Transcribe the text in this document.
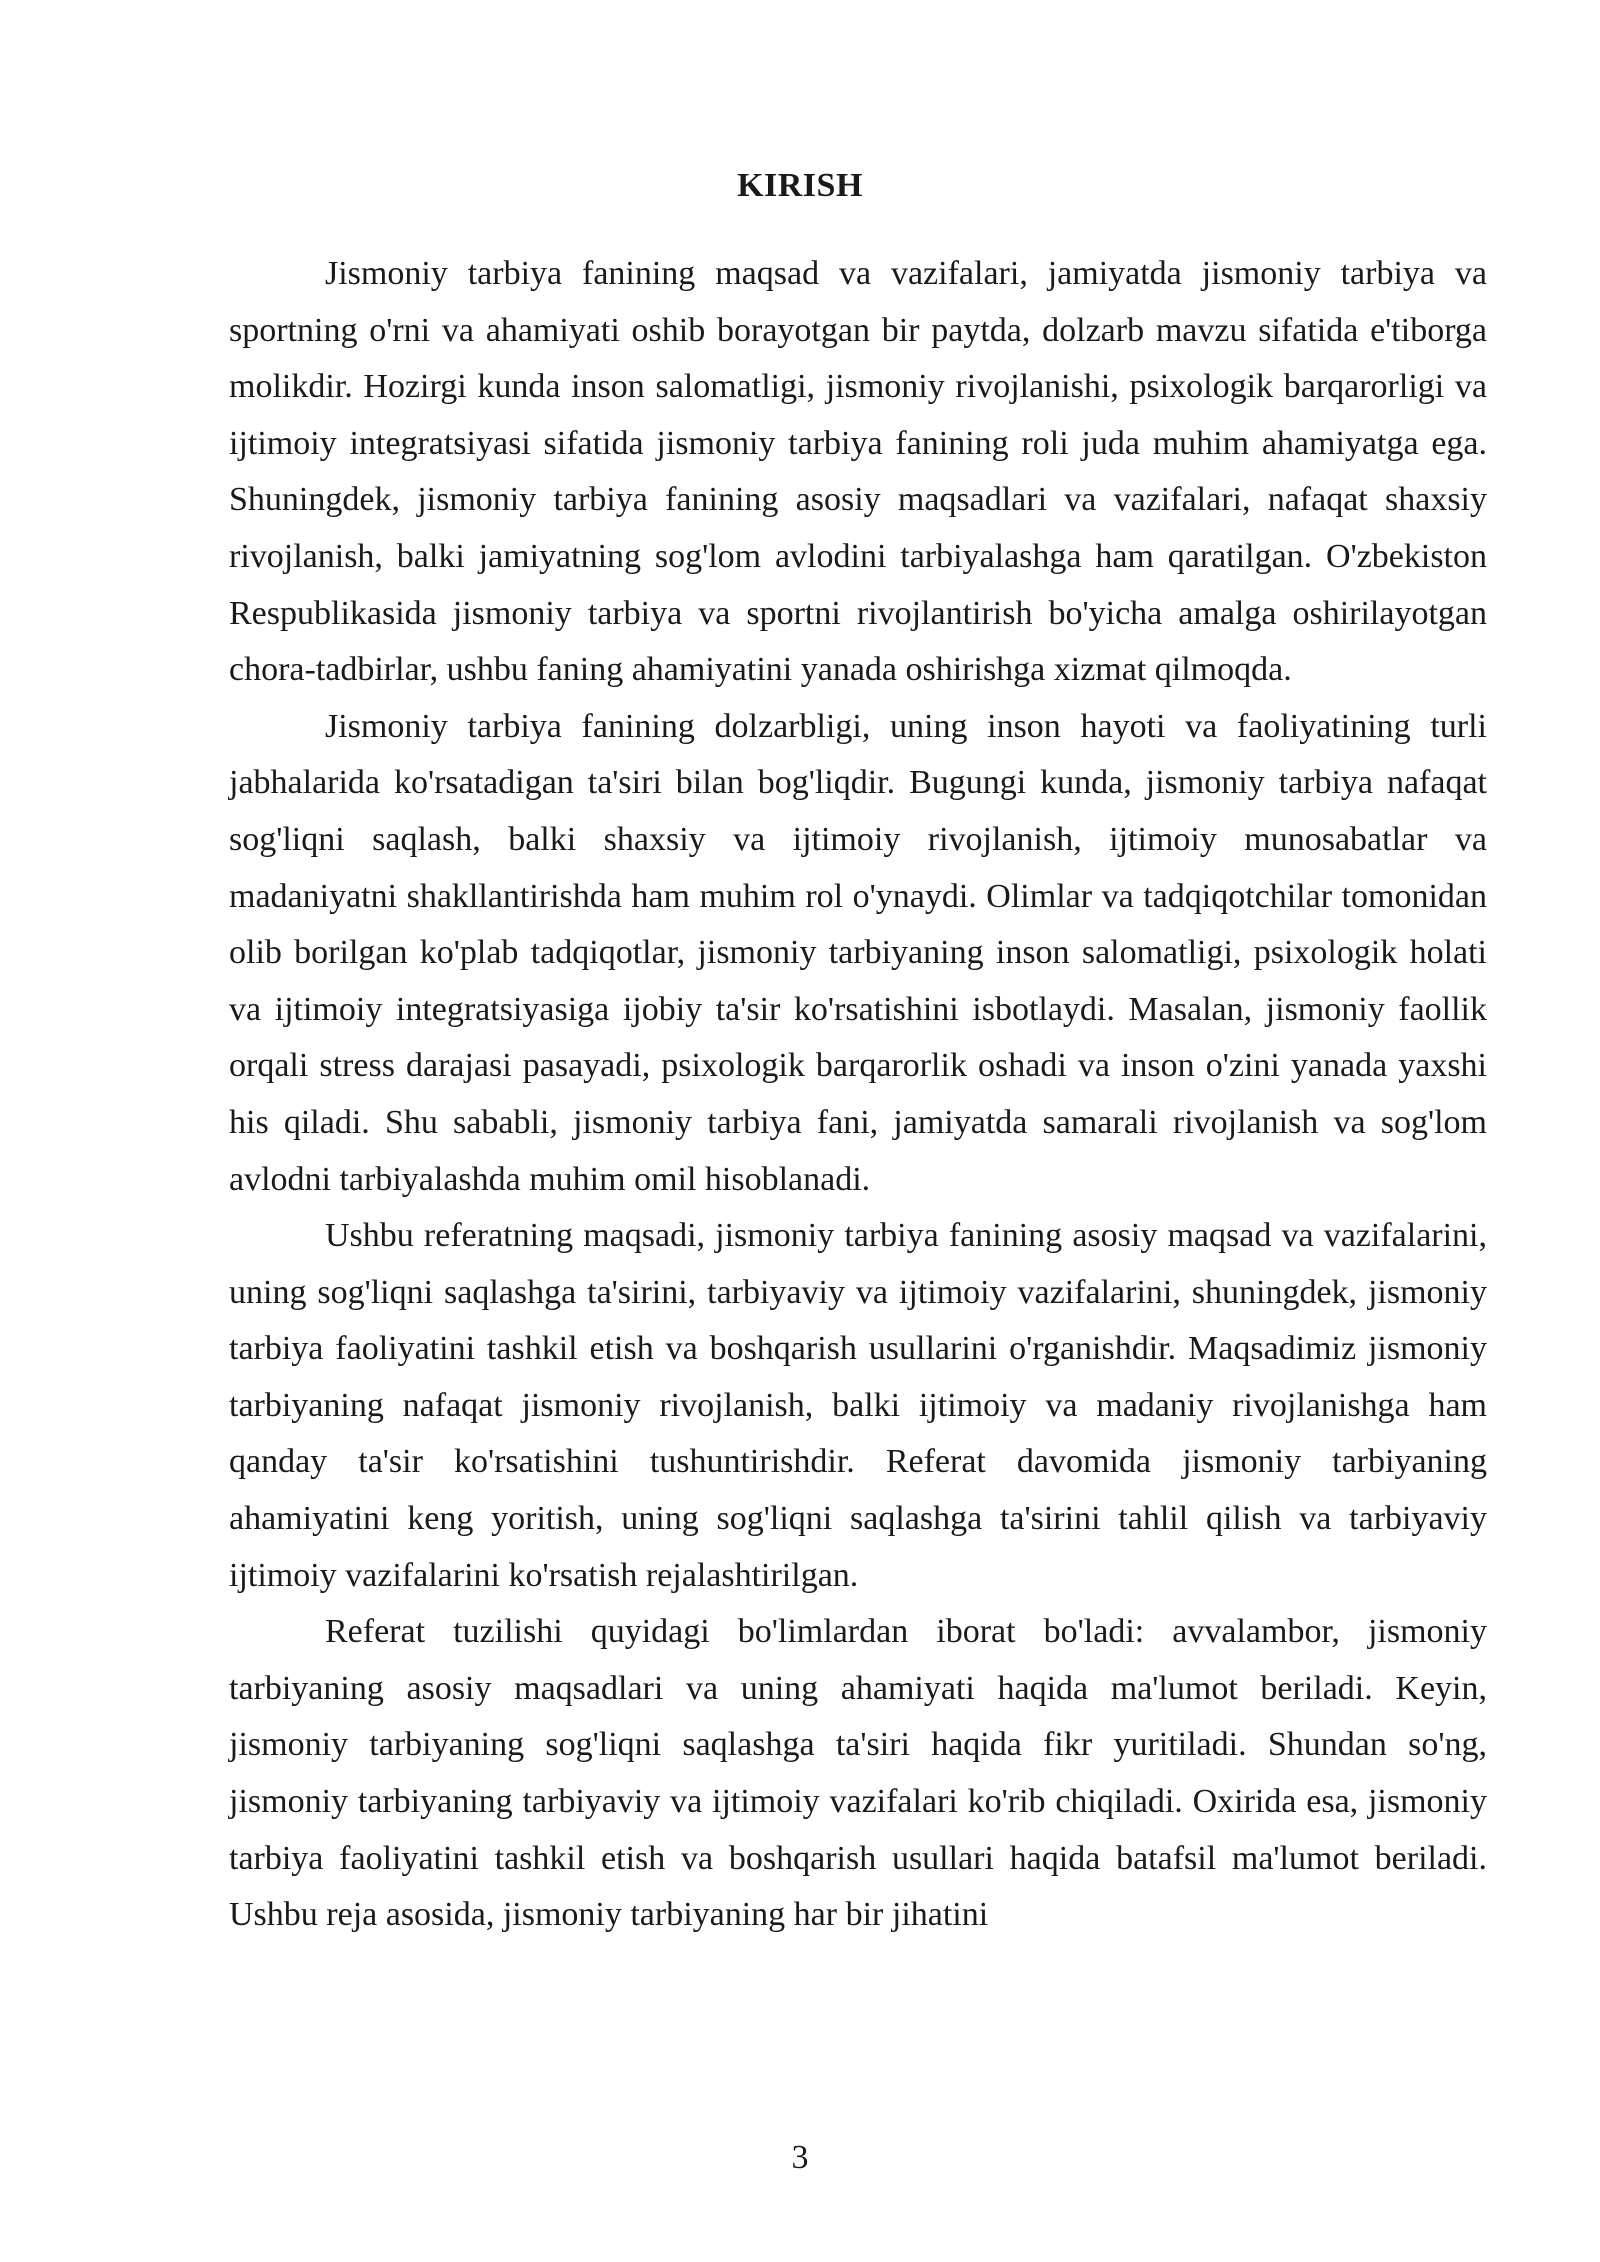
KIRISH

Jismoniy tarbiya fanining maqsad va vazifalari, jamiyatda jismoniy tarbiya va sportning o'rni va ahamiyati oshib borayotgan bir paytda, dolzarb mavzu sifatida e'tiborga molikdir. Hozirgi kunda inson salomatligi, jismoniy rivojlanishi, psixologik barqarorligi va ijtimoiy integratsiyasi sifatida jismoniy tarbiya fanining roli juda muhim ahamiyatga ega. Shuningdek, jismoniy tarbiya fanining asosiy maqsadlari va vazifalari, nafaqat shaxsiy rivojlanish, balki jamiyatning sog'lom avlodini tarbiyalashga ham qaratilgan. O'zbekiston Respublikasida jismoniy tarbiya va sportni rivojlantirish bo'yicha amalga oshirilayotgan chora-tadbirlar, ushbu faning ahamiyatini yanada oshirishga xizmat qilmoqda.

Jismoniy tarbiya fanining dolzarbligi, uning inson hayoti va faoliyatining turli jabhalarida ko'rsatadigan ta'siri bilan bog'liqdir. Bugungi kunda, jismoniy tarbiya nafaqat sog'liqni saqlash, balki shaxsiy va ijtimoiy rivojlanish, ijtimoiy munosabatlar va madaniyatni shakllantirishda ham muhim rol o'ynaydi. Olimlar va tadqiqotchilar tomonidan olib borilgan ko'plab tadqiqotlar, jismoniy tarbiyaning inson salomatligi, psixologik holati va ijtimoiy integratsiyasiga ijobiy ta'sir ko'rsatishini isbotlaydi. Masalan, jismoniy faollik orqali stress darajasi pasayadi, psixologik barqarorlik oshadi va inson o'zini yanada yaxshi his qiladi. Shu sababli, jismoniy tarbiya fani, jamiyatda samarali rivojlanish va sog'lom avlodni tarbiyalashda muhim omil hisoblanadi.

Ushbu referatning maqsadi, jismoniy tarbiya fanining asosiy maqsad va vazifalarini, uning sog'liqni saqlashga ta'sirini, tarbiyaviy va ijtimoiy vazifalarini, shuningdek, jismoniy tarbiya faoliyatini tashkil etish va boshqarish usullarini o'rganishdir. Maqsadimiz jismoniy tarbiyaning nafaqat jismoniy rivojlanish, balki ijtimoiy va madaniy rivojlanishga ham qanday ta'sir ko'rsatishini tushuntirishdir. Referat davomida jismoniy tarbiyaning ahamiyatini keng yoritish, uning sog'liqni saqlashga ta'sirini tahlil qilish va tarbiyaviy ijtimoiy vazifalarini ko'rsatish rejalashtirilgan.

Referat tuzilishi quyidagi bo'limlardan iborat bo'ladi: avvalambor, jismoniy tarbiyaning asosiy maqsadlari va uning ahamiyati haqida ma'lumot beriladi. Keyin, jismoniy tarbiyaning sog'liqni saqlashga ta'siri haqida fikr yuritiladi. Shundan so'ng, jismoniy tarbiyaning tarbiyaviy va ijtimoiy vazifalari ko'rib chiqiladi. Oxirida esa, jismoniy tarbiya faoliyatini tashkil etish va boshqarish usullari haqida batafsil ma'lumot beriladi. Ushbu reja asosida, jismoniy tarbiyaning har bir jihatini

3
